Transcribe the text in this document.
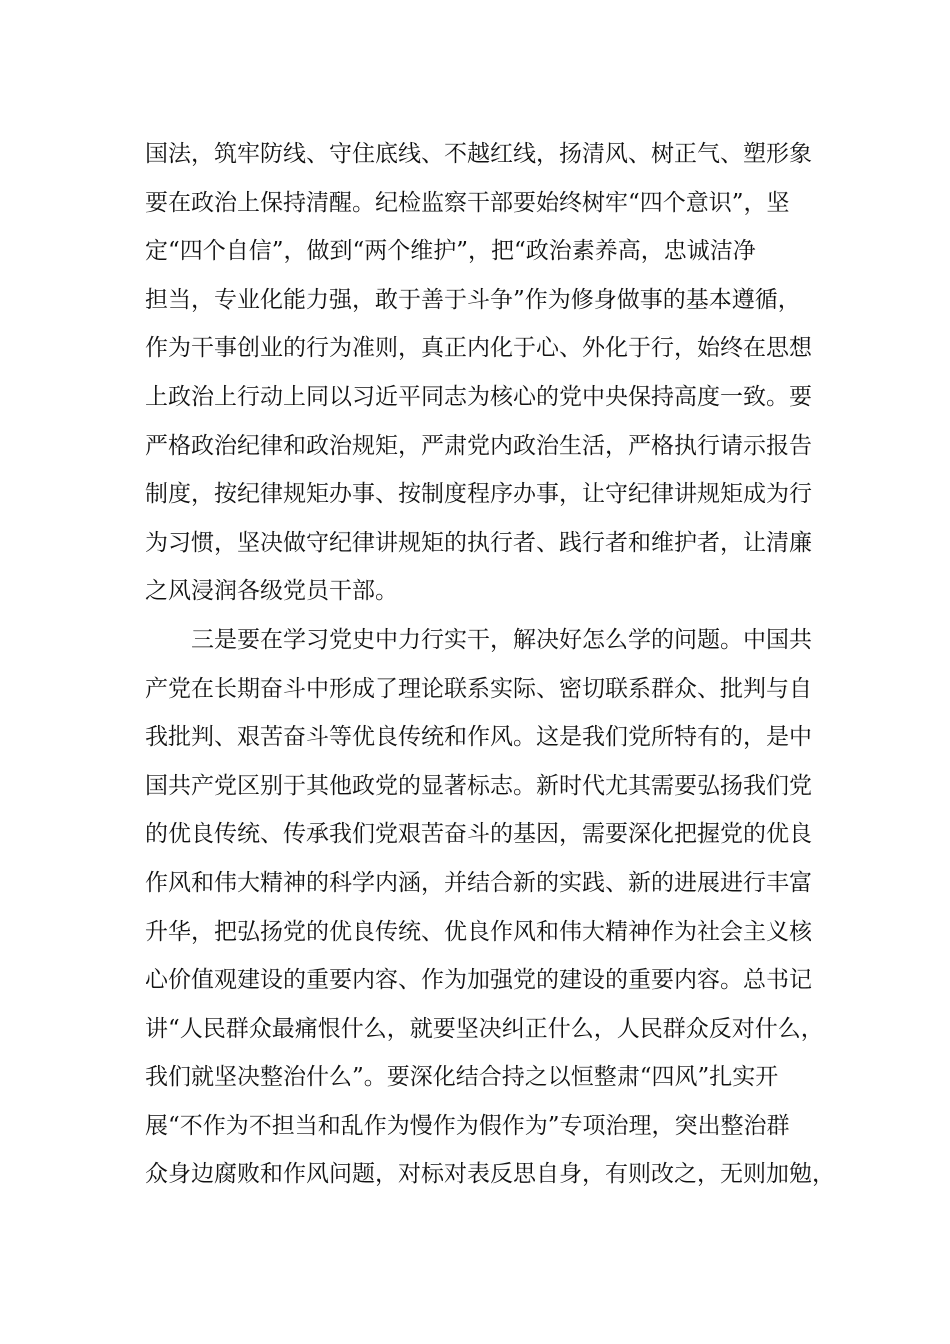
国法，筑牢防线、守住底线、不越红线，扬清风、树正气、塑形象
要在政治上保持清醒。纪检监察干部要始终树牢“四个意识”，坚
定“四个自信”，做到“两个维护”，把“政治素养高，忠诚洁净
担当，专业化能力强，敢于善于斗争”作为修身做事的基本遵循，
作为干事创业的行为准则，真正内化于心、外化于行，始终在思想
上政治上行动上同以习近平同志为核心的党中央保持高度一致。要
严格政治纪律和政治规矩，严肃党内政治生活，严格执行请示报告
制度，按纪律规矩办事、按制度程序办事，让守纪律讲规矩成为行
为习惯，坚决做守纪律讲规矩的执行者、践行者和维护者，让清廉
之风浸润各级党员干部。
三是要在学习党史中力行实干，解决好怎么学的问题。中国共
产党在长期奋斗中形成了理论联系实际、密切联系群众、批判与自
我批判、艰苦奋斗等优良传统和作风。这是我们党所特有的，是中
国共产党区别于其他政党的显著标志。新时代尤其需要弘扬我们党
的优良传统、传承我们党艰苦奋斗的基因，需要深化把握党的优良
作风和伟大精神的科学内涵，并结合新的实践、新的进展进行丰富
升华，把弘扬党的优良传统、优良作风和伟大精神作为社会主义核
心价值观建设的重要内容、作为加强党的建设的重要内容。总书记
讲“人民群众最痛恨什么，就要坚决纠正什么，人民群众反对什么，
我们就坚决整治什么”。要深化结合持之以恒整肃“四风”扎实开
展“不作为不担当和乱作为慢作为假作为”专项治理，突出整治群
众身边腐败和作风问题，对标对表反思自身，有则改之，无则加勉，
